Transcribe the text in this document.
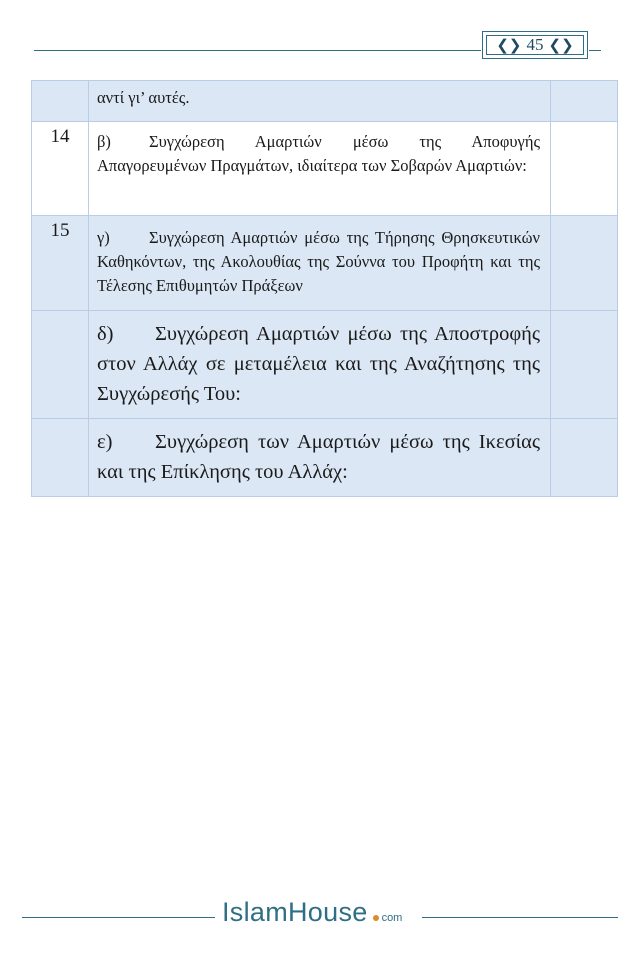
❮❯ 45 ❮❯
	αντί γι’ αυτές.	
14	β) Συγχώρεση Αμαρτιών μέσω της Αποφυγής Απαγορευμένων Πραγμάτων, ιδιαίτερα των Σοβαρών Αμαρτιών:	
15	γ) Συγχώρεση Αμαρτιών μέσω της Τήρησης Θρησκευτικών Καθηκόντων, της Ακολουθίας της Σούννα του Προφήτη και της Τέλεσης Επιθυμητών Πράξεων	
	δ) Συγχώρεση Αμαρτιών μέσω της Αποστροφής στον Αλλάχ σε μεταμέλεια και της Αναζήτησης της Συγχώρεσής Του:	
	ε) Συγχώρεση των Αμαρτιών μέσω της Ικεσίας και της Επίκλησης του Αλλάχ:	
IslamHouse com
